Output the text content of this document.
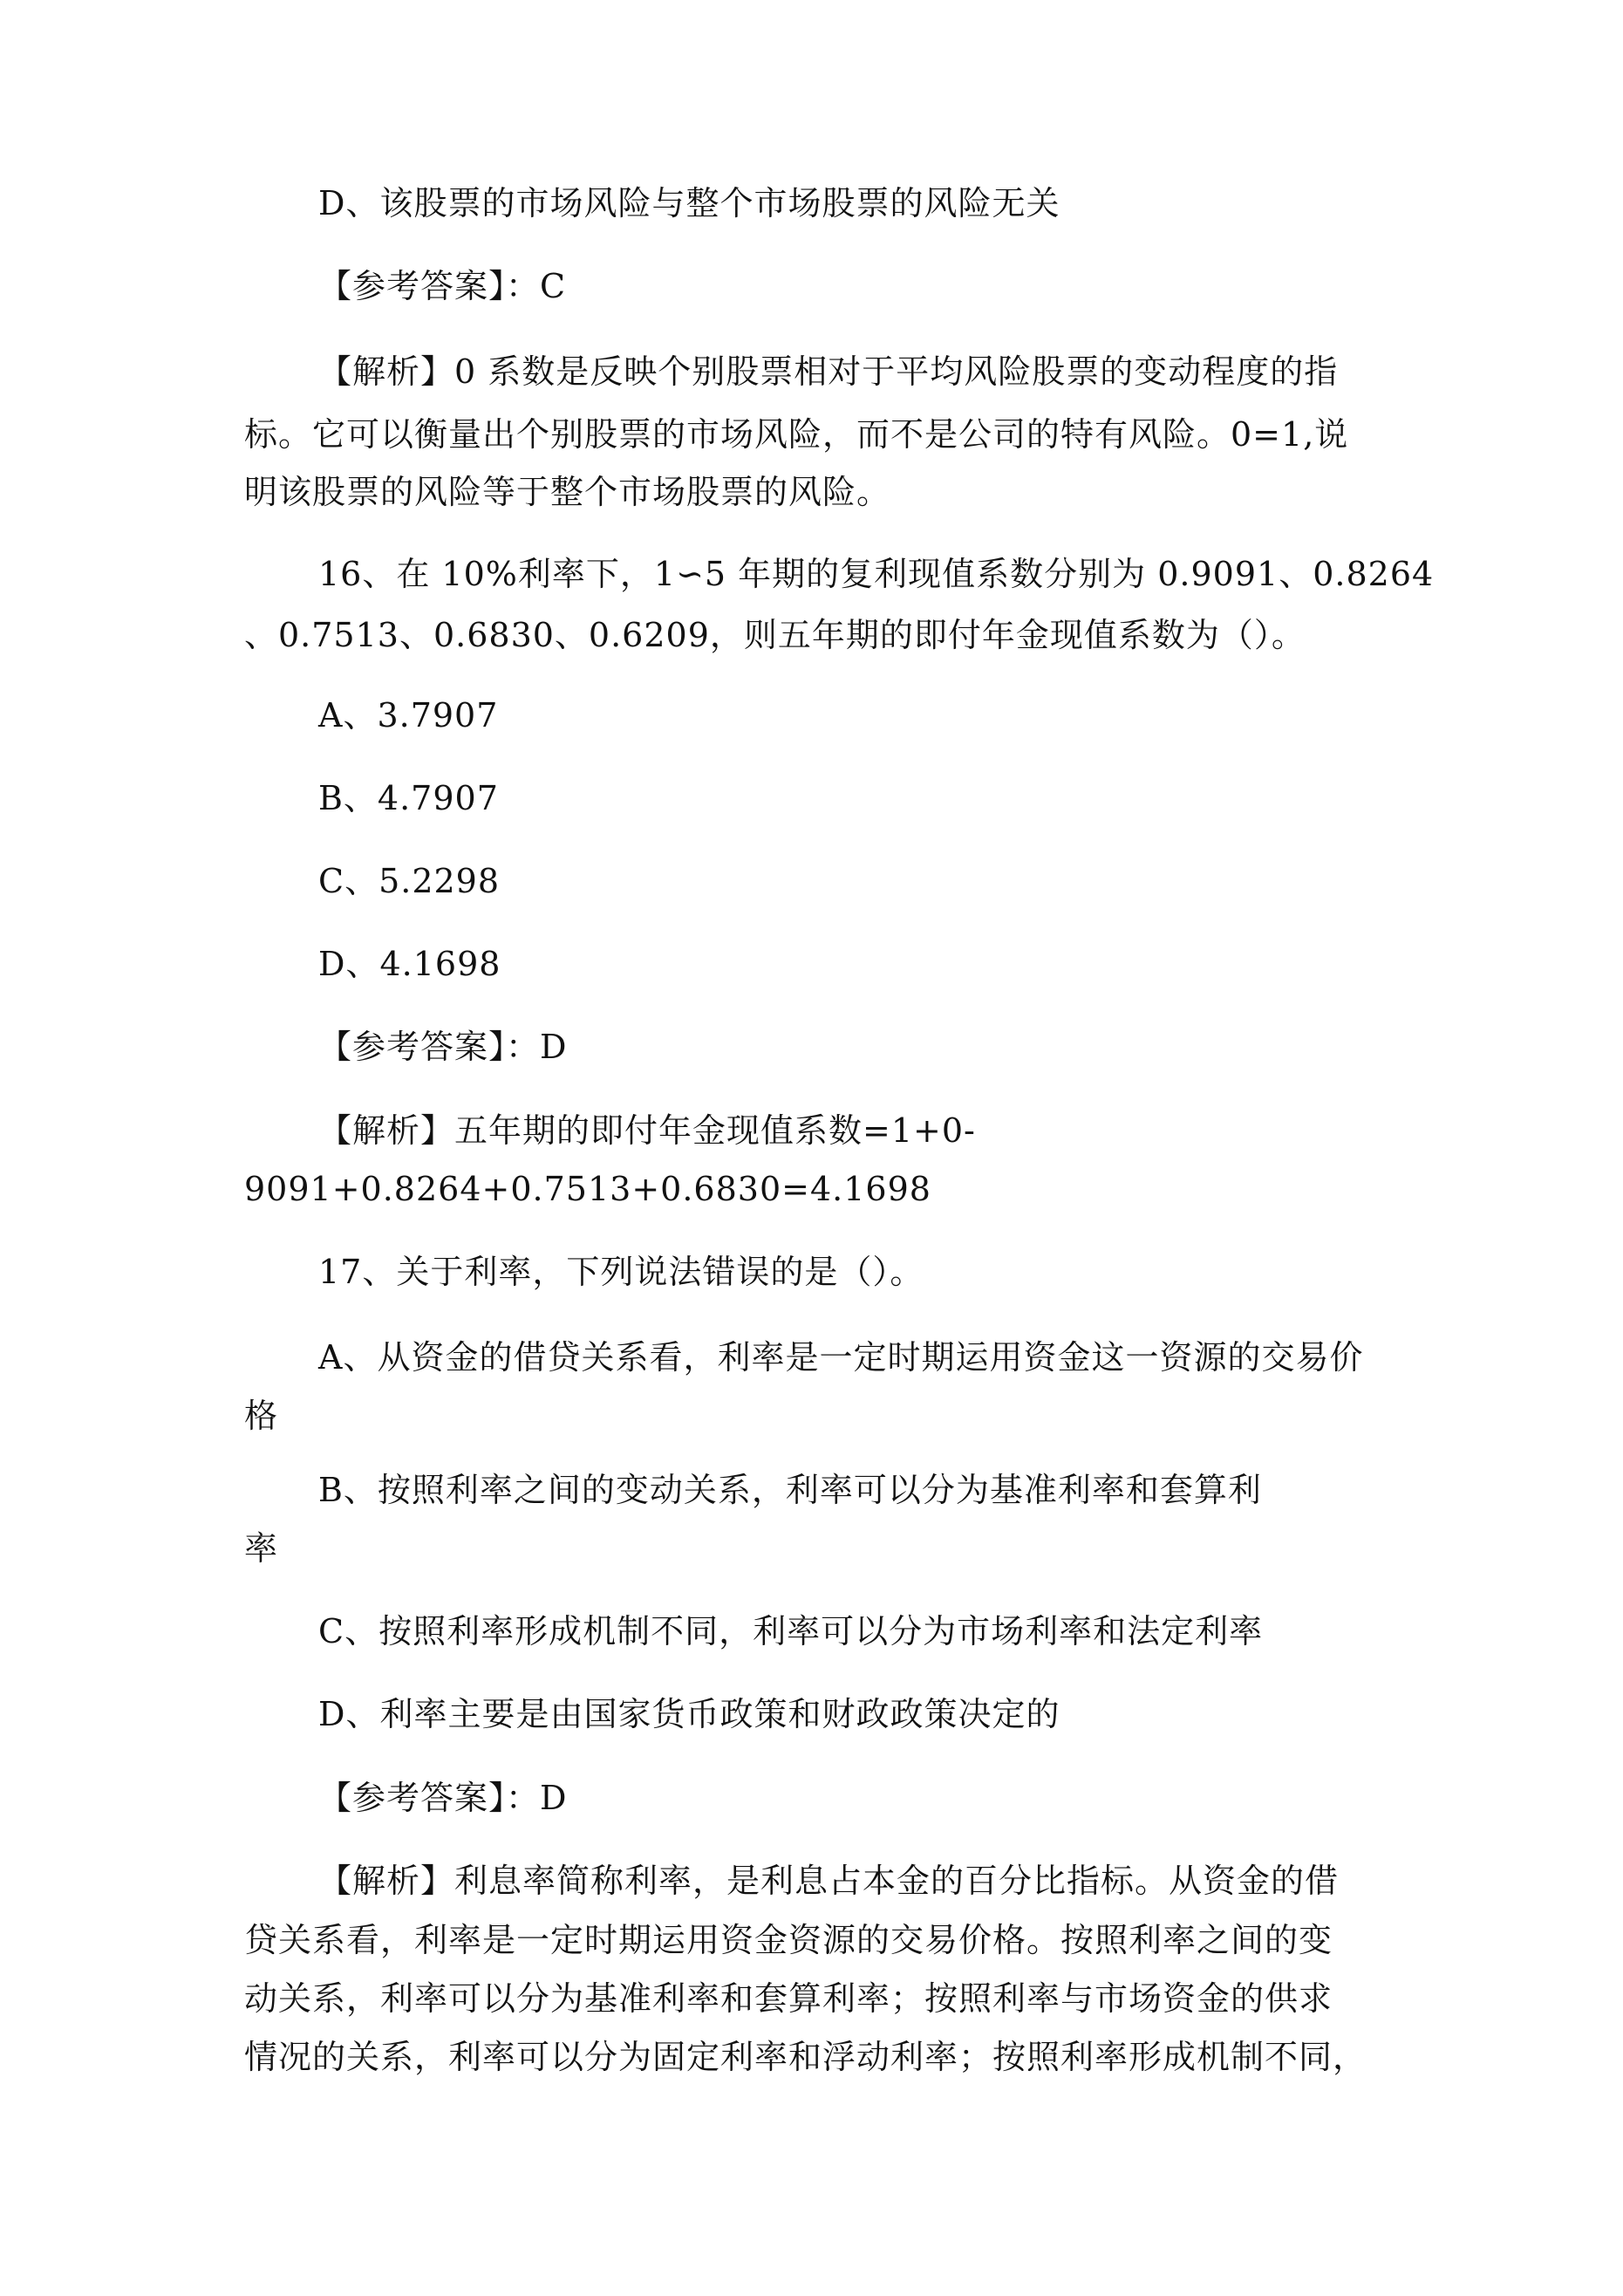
D、该股票的市场风险与整个市场股票的风险无关
【参考答案】：C
【解析】0 系数是反映个别股票相对于平均风险股票的变动程度的指
标。它可以衡量出个别股票的市场风险，而不是公司的特有风险。0=1,说
明该股票的风险等于整个市场股票的风险。
16、在 10%利率下，1∽5 年期的复利现值系数分别为 0.9091、0.8264
、0.7513、0.6830、0.6209，则五年期的即付年金现值系数为（）。
A、3.7907
B、4.7907
C、5.2298
D、4.1698
【参考答案】：D
【解析】五年期的即付年金现值系数=1+0-
9091+0.8264+0.7513+0.6830=4.1698
17、关于利率，下列说法错误的是（）。
A、从资金的借贷关系看，利率是一定时期运用资金这一资源的交易价
格
B、按照利率之间的变动关系，利率可以分为基准利率和套算利
率
C、按照利率形成机制不同，利率可以分为市场利率和法定利率
D、利率主要是由国家货币政策和财政政策决定的
【参考答案】：D
【解析】利息率简称利率，是利息占本金的百分比指标。从资金的借
贷关系看，利率是一定时期运用资金资源的交易价格。按照利率之间的变
动关系，利率可以分为基准利率和套算利率；按照利率与市场资金的供求
情况的关系，利率可以分为固定利率和浮动利率；按照利率形成机制不同，
